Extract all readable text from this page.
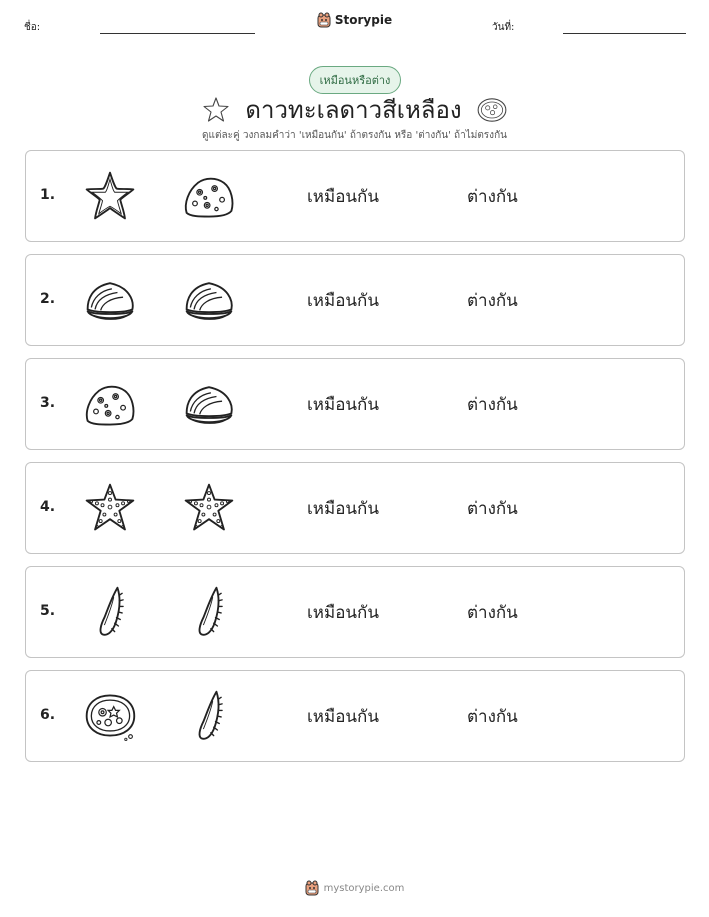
ชื่อ:
Storypie
วันที่:
เหมือนหรือต่าง
ดาวทะเลดาวสีเหลือง
ดูแต่ละคู่ วงกลมคำว่า 'เหมือนกัน' ถ้าตรงกัน หรือ 'ต่างกัน' ถ้าไม่ตรงกัน
1.	เหมือนกัน	ต่างกัน
2.	เหมือนกัน	ต่างกัน
3.	เหมือนกัน	ต่างกัน
4.	เหมือนกัน	ต่างกัน
5.	เหมือนกัน	ต่างกัน
6.	เหมือนกัน	ต่างกัน
mystorypie.com
